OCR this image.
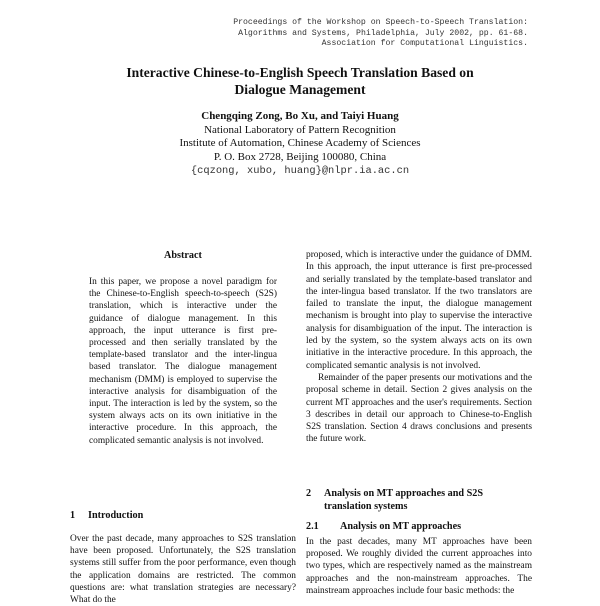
Proceedings of the Workshop on Speech-to-Speech Translation:
Algorithms and Systems, Philadelphia, July 2002, pp. 61-68.
Association for Computational Linguistics.
Interactive Chinese-to-English Speech Translation Based on
Dialogue Management
Chengqing Zong, Bo Xu, and Taiyi Huang
National Laboratory of Pattern Recognition
Institute of Automation, Chinese Academy of Sciences
P. O. Box 2728, Beijing 100080, China
{cqzong, xubo, huang}@nlpr.ia.ac.cn
Abstract
In this paper, we propose a novel paradigm for the Chinese-to-English speech-to-speech (S2S) translation, which is interactive under the guidance of dialogue management. In this approach, the input utterance is first pre-processed and then serially translated by the template-based translator and the inter-lingua based translator. The dialogue management mechanism (DMM) is employed to supervise the interactive analysis for disambiguation of the input. The interaction is led by the system, so the system always acts on its own initiative in the interactive procedure. In this approach, the complicated semantic analysis is not involved.
1 Introduction
Over the past decade, many approaches to S2S translation have been proposed. Unfortunately, the S2S translation systems still suffer from the poor performance, even though the application domains are restricted. The common questions are: what translation strategies are necessary? What do the

proposed, which is interactive under the guidance of DMM. In this approach, the input utterance is first pre-processed and serially translated by the template-based translator and the inter-lingua based translator. If the two translators are failed to translate the input, the dialogue management mechanism is brought into play to supervise the interactive analysis for disambiguation of the input. The interaction is led by the system, so the system always acts on its own initiative in the interactive procedure. In this approach, the complicated semantic analysis is not involved.

Remainder of the paper presents our motivations and the proposal scheme in detail. Section 2 gives analysis on the current MT approaches and the user's requirements. Section 3 describes in detail our approach to Chinese-to-English S2S translation. Section 4 draws conclusions and presents the future work.

2 Analysis on MT approaches and S2S translation systems
2.1 Analysis on MT approaches
In the past decades, many MT approaches have been proposed. We roughly divided the current approaches into two types, which are respectively named as the mainstream approaches and the non-mainstream approaches. The mainstream approaches include four basic methods: the
